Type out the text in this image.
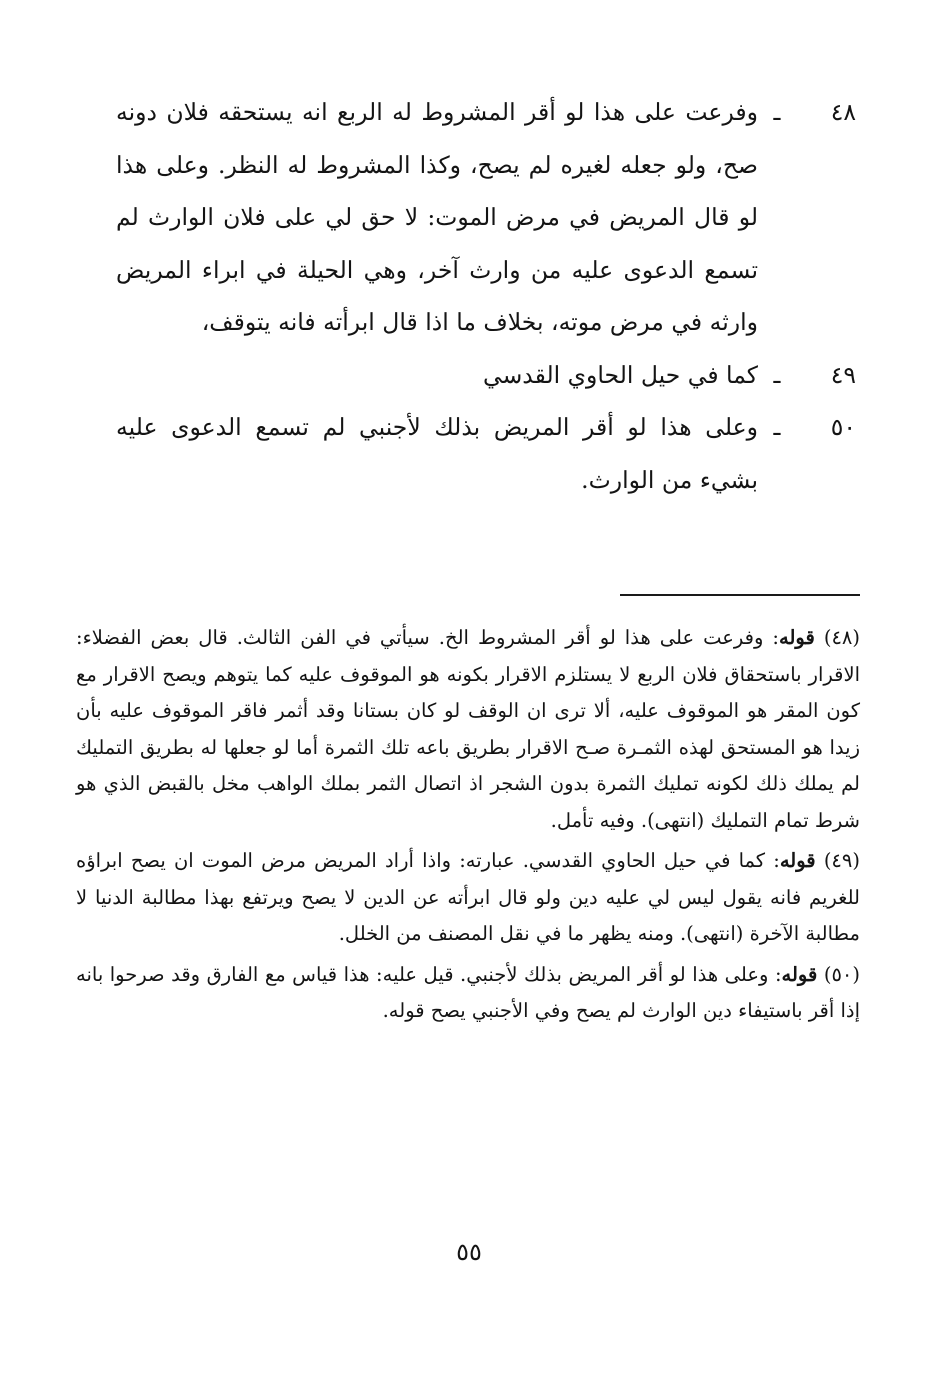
٤٨
ـ
وفرعت على هذا لو أقر المشروط له الربع انه يستحقه فلان دونه صح، ولو جعله لغيره لم يصح، وكذا المشروط له النظر. وعلى هذا لو قال المريض في مرض الموت: لا حق لي على فلان الوارث لم تسمع الدعوى عليه من وارث آخر، وهي الحيلة في ابراء المريض وارثه في مرض موته، بخلاف ما اذا قال ابرأته فانه يتوقف،
٤٩
ـ
كما في حيل الحاوي القدسي
٥٠
ـ
وعلى هذا لو أقر المريض بذلك لأجنبي لم تسمع الدعوى عليه بشيء من الوارث.

(٤٨) قوله: وفرعت على هذا لو أقر المشروط الخ. سيأتي في الفن الثالث. قال بعض الفضلاء: الاقرار باستحقاق فلان الربع لا يستلزم الاقرار بكونه هو الموقوف عليه كما يتوهم ويصح الاقرار مع كون المقر هو الموقوف عليه، ألا ترى ان الوقف لو كان بستانا وقد أثمر فاقر الموقوف عليه بأن زيدا هو المستحق لهذه الثمـرة صـح الاقرار بطريق باعه تلك الثمرة أما لو جعلها له بطريق التمليك لم يملك ذلك لكونه تمليك الثمرة بدون الشجر اذ اتصال الثمر بملك الواهب مخل بالقبض الذي هو شرط تمام التمليك (انتهى). وفيه تأمل.

(٤٩) قوله: كما في حيل الحاوي القدسي. عبارته: واذا أراد المريض مرض الموت ان يصح ابراؤه للغريم فانه يقول ليس لي عليه دين ولو قال ابرأته عن الدين لا يصح ويرتفع بهذا مطالبة الدنيا لا مطالبة الآخرة (انتهى). ومنه يظهر ما في نقل المصنف من الخلل.

(٥٠) قوله: وعلى هذا لو أقر المريض بذلك لأجنبي. قيل عليه: هذا قياس مع الفارق وقد صرحوا بانه إذا أقر باستيفاء دين الوارث لم يصح وفي الأجنبي يصح قوله.

٥٥
